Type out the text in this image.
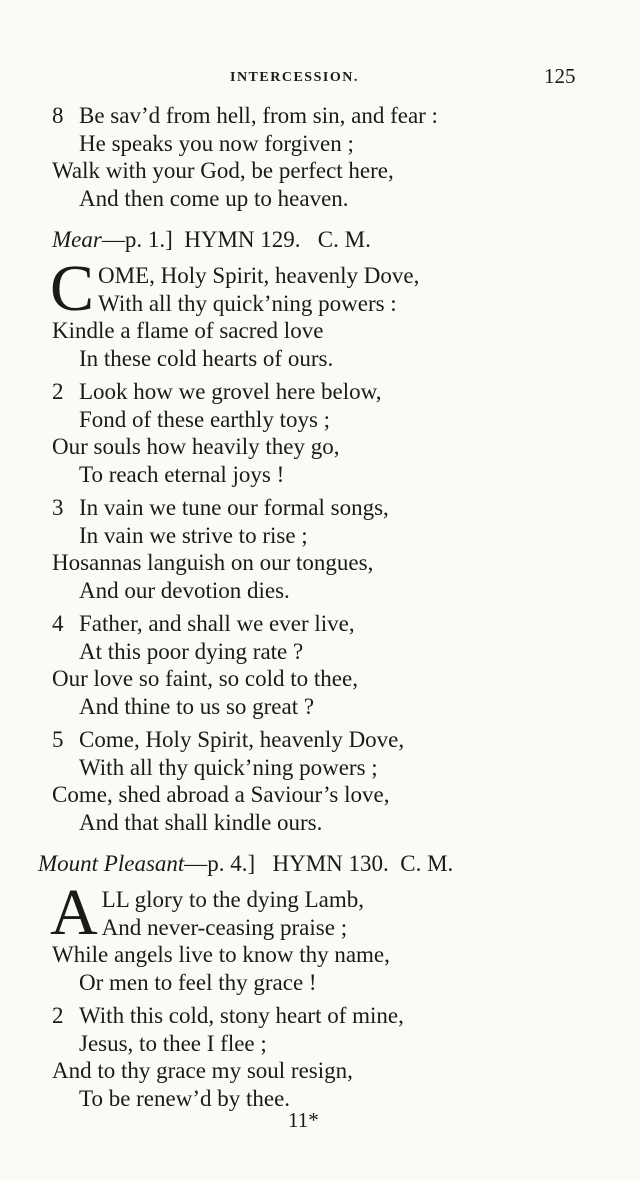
INTERCESSION.	125
8 Be sav’d from hell, from sin, and fear :
He speaks you now forgiven ;
Walk with your God, be perfect here,
And then come up to heaven.
Mear—p. 1.] HYMN 129. C. M.
C OME, Holy Spirit, heavenly Dove,
With all thy quick’ning powers :
Kindle a flame of sacred love
In these cold hearts of ours.
2 Look how we grovel here below,
Fond of these earthly toys ;
Our souls how heavily they go,
To reach eternal joys !
3 In vain we tune our formal songs,
In vain we strive to rise ;
Hosannas languish on our tongues,
And our devotion dies.
4 Father, and shall we ever live,
At this poor dying rate ?
Our love so faint, so cold to thee,
And thine to us so great ?
5 Come, Holy Spirit, heavenly Dove,
With all thy quick’ning powers ;
Come, shed abroad a Saviour’s love,
And that shall kindle ours.
Mount Pleasant—p. 4.] HYMN 130. C. M.
A LL glory to the dying Lamb,
And never-ceasing praise ;
While angels live to know thy name,
Or men to feel thy grace !
2 With this cold, stony heart of mine,
Jesus, to thee I flee ;
And to thy grace my soul resign,
To be renew’d by thee.
11*
